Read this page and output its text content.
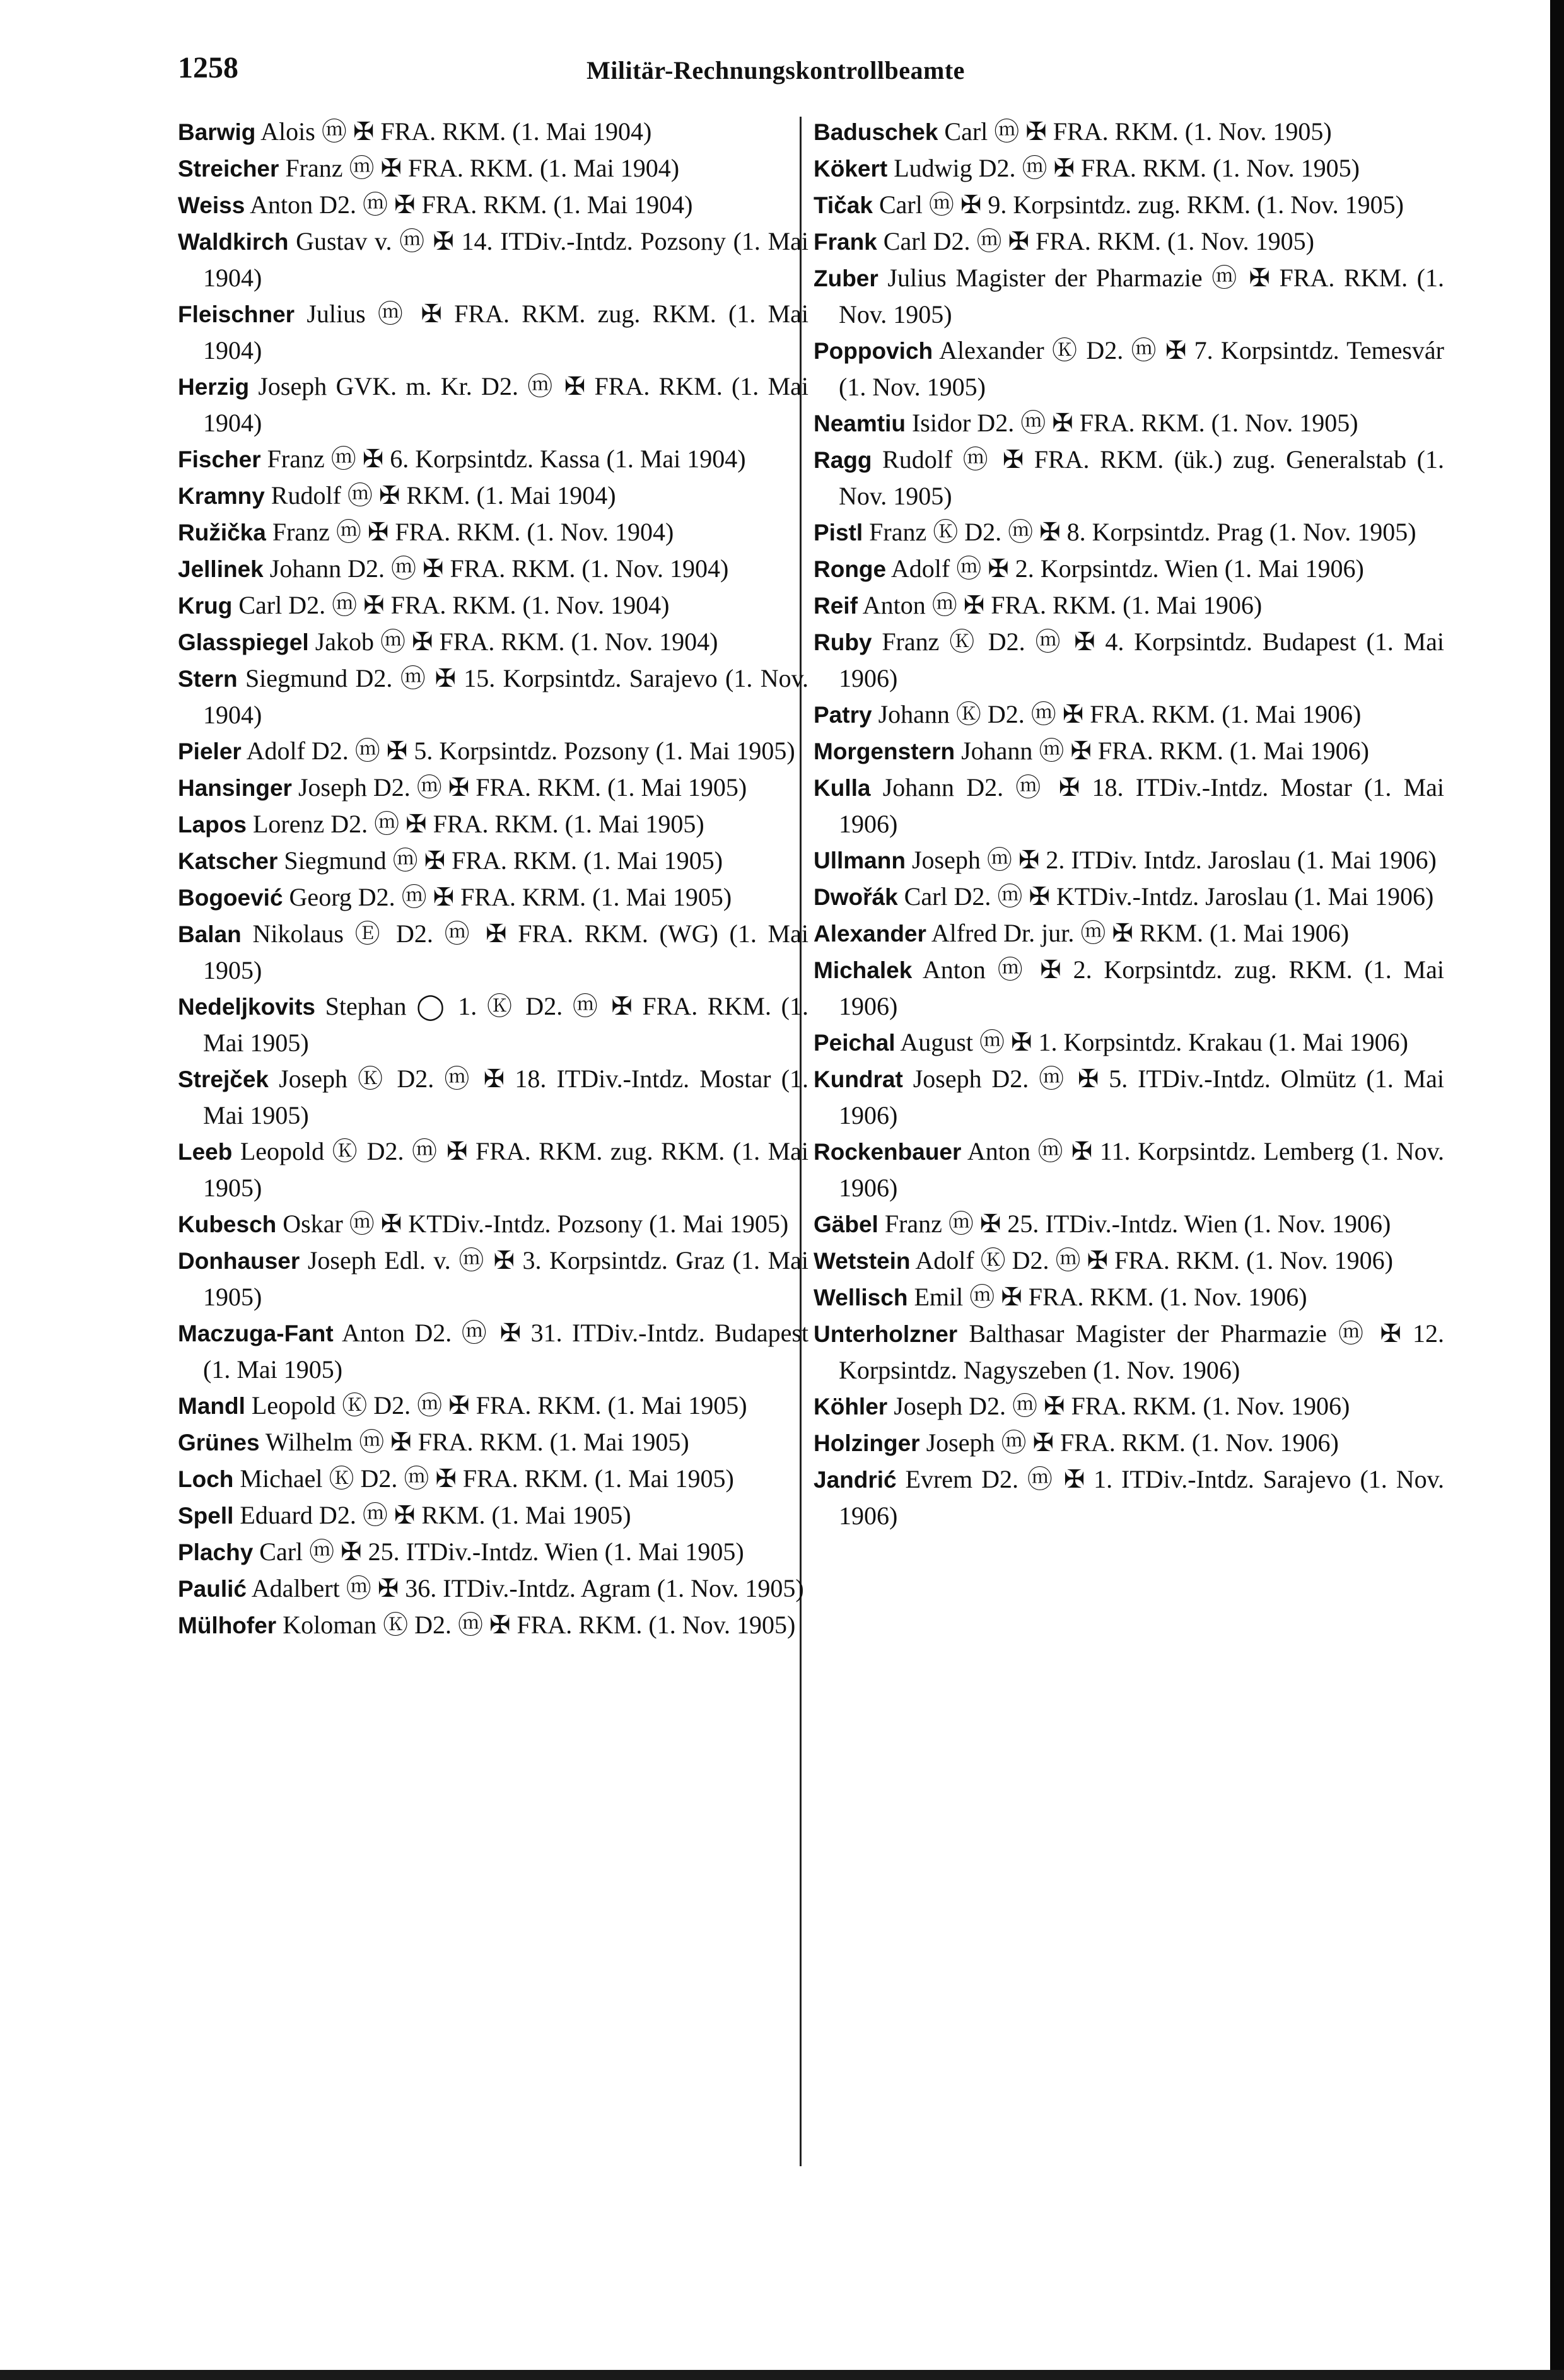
1258	Militär-Rechnungskontrollbeamte

Barwig Alois ⓜ ✠ FRA. RKM. (1. Mai 1904)

Streicher Franz ⓜ ✠ FRA. RKM. (1. Mai 1904)

Weiss Anton D2. ⓜ ✠ FRA. RKM. (1. Mai 1904)

Waldkirch Gustav v. ⓜ ✠ 14. ITDiv.-Intdz. Pozsony (1. Mai 1904)

Fleischner Julius ⓜ ✠ FRA. RKM. zug. RKM. (1. Mai 1904)

Herzig Joseph GVK. m. Kr. D2. ⓜ ✠ FRA. RKM. (1. Mai 1904)

Fischer Franz ⓜ ✠ 6. Korpsintdz. Kassa (1. Mai 1904)

Kramny Rudolf ⓜ ✠ RKM. (1. Mai 1904)

Ružička Franz ⓜ ✠ FRA. RKM. (1. Nov. 1904)

Jellinek Johann D2. ⓜ ✠ FRA. RKM. (1. Nov. 1904)

Krug Carl D2. ⓜ ✠ FRA. RKM. (1. Nov. 1904)

Glasspiegel Jakob ⓜ ✠ FRA. RKM. (1. Nov. 1904)

Stern Siegmund D2. ⓜ ✠ 15. Korpsintdz. Sarajevo (1. Nov. 1904)

Pieler Adolf D2. ⓜ ✠ 5. Korpsintdz. Pozsony (1. Mai 1905)

Hansinger Joseph D2. ⓜ ✠ FRA. RKM. (1. Mai 1905)

Lapos Lorenz D2. ⓜ ✠ FRA. RKM. (1. Mai 1905)

Katscher Siegmund ⓜ ✠ FRA. RKM. (1. Mai 1905)

Bogoević Georg D2. ⓜ ✠ FRA. KRM. (1. Mai 1905)

Balan Nikolaus Ⓔ D2. ⓜ ✠ FRA. RKM. (WG) (1. Mai 1905)

Nedeljkovits Stephan ◯ 1. Ⓚ D2. ⓜ ✠ FRA. RKM. (1. Mai 1905)

Strejček Joseph Ⓚ D2. ⓜ ✠ 18. ITDiv.-Intdz. Mostar (1. Mai 1905)

Leeb Leopold Ⓚ D2. ⓜ ✠ FRA. RKM. zug. RKM. (1. Mai 1905)

Kubesch Oskar ⓜ ✠ KTDiv.-Intdz. Pozsony (1. Mai 1905)

Donhauser Joseph Edl. v. ⓜ ✠ 3. Korpsintdz. Graz (1. Mai 1905)

Maczuga-Fant Anton D2. ⓜ ✠ 31. ITDiv.-Intdz. Budapest (1. Mai 1905)

Mandl Leopold Ⓚ D2. ⓜ ✠ FRA. RKM. (1. Mai 1905)

Grünes Wilhelm ⓜ ✠ FRA. RKM. (1. Mai 1905)

Loch Michael Ⓚ D2. ⓜ ✠ FRA. RKM. (1. Mai 1905)

Spell Eduard D2. ⓜ ✠ RKM. (1. Mai 1905)

Plachy Carl ⓜ ✠ 25. ITDiv.-Intdz. Wien (1. Mai 1905)

Paulić Adalbert ⓜ ✠ 36. ITDiv.-Intdz. Agram (1. Nov. 1905)

Mülhofer Koloman Ⓚ D2. ⓜ ✠ FRA. RKM. (1. Nov. 1905)

Baduschek Carl ⓜ ✠ FRA. RKM. (1. Nov. 1905)

Kökert Ludwig D2. ⓜ ✠ FRA. RKM. (1. Nov. 1905)

Tičak Carl ⓜ ✠ 9. Korpsintdz. zug. RKM. (1. Nov. 1905)

Frank Carl D2. ⓜ ✠ FRA. RKM. (1. Nov. 1905)

Zuber Julius Magister der Pharmazie ⓜ ✠ FRA. RKM. (1. Nov. 1905)

Poppovich Alexander Ⓚ D2. ⓜ ✠ 7. Korpsintdz. Temesvár (1. Nov. 1905)

Neamtiu Isidor D2. ⓜ ✠ FRA. RKM. (1. Nov. 1905)

Ragg Rudolf ⓜ ✠ FRA. RKM. (ük.) zug. Generalstab (1. Nov. 1905)

Pistl Franz Ⓚ D2. ⓜ ✠ 8. Korpsintdz. Prag (1. Nov. 1905)

Ronge Adolf ⓜ ✠ 2. Korpsintdz. Wien (1. Mai 1906)

Reif Anton ⓜ ✠ FRA. RKM. (1. Mai 1906)

Ruby Franz Ⓚ D2. ⓜ ✠ 4. Korpsintdz. Budapest (1. Mai 1906)

Patry Johann Ⓚ D2. ⓜ ✠ FRA. RKM. (1. Mai 1906)

Morgenstern Johann ⓜ ✠ FRA. RKM. (1. Mai 1906)

Kulla Johann D2. ⓜ ✠ 18. ITDiv.-Intdz. Mostar (1. Mai 1906)

Ullmann Joseph ⓜ ✠ 2. ITDiv. Intdz. Jaroslau (1. Mai 1906)

Dwořák Carl D2. ⓜ ✠ KTDiv.-Intdz. Jaroslau (1. Mai 1906)

Alexander Alfred Dr. jur. ⓜ ✠ RKM. (1. Mai 1906)

Michalek Anton ⓜ ✠ 2. Korpsintdz. zug. RKM. (1. Mai 1906)

Peichal August ⓜ ✠ 1. Korpsintdz. Krakau (1. Mai 1906)

Kundrat Joseph D2. ⓜ ✠ 5. ITDiv.-Intdz. Olmütz (1. Mai 1906)

Rockenbauer Anton ⓜ ✠ 11. Korpsintdz. Lemberg (1. Nov. 1906)

Gäbel Franz ⓜ ✠ 25. ITDiv.-Intdz. Wien (1. Nov. 1906)

Wetstein Adolf Ⓚ D2. ⓜ ✠ FRA. RKM. (1. Nov. 1906)

Wellisch Emil ⓜ ✠ FRA. RKM. (1. Nov. 1906)

Unterholzner Balthasar Magister der Pharmazie ⓜ ✠ 12. Korpsintdz. Nagyszeben (1. Nov. 1906)

Köhler Joseph D2. ⓜ ✠ FRA. RKM. (1. Nov. 1906)

Holzinger Joseph ⓜ ✠ FRA. RKM. (1. Nov. 1906)

Jandrić Evrem D2. ⓜ ✠ 1. ITDiv.-Intdz. Sarajevo (1. Nov. 1906)
